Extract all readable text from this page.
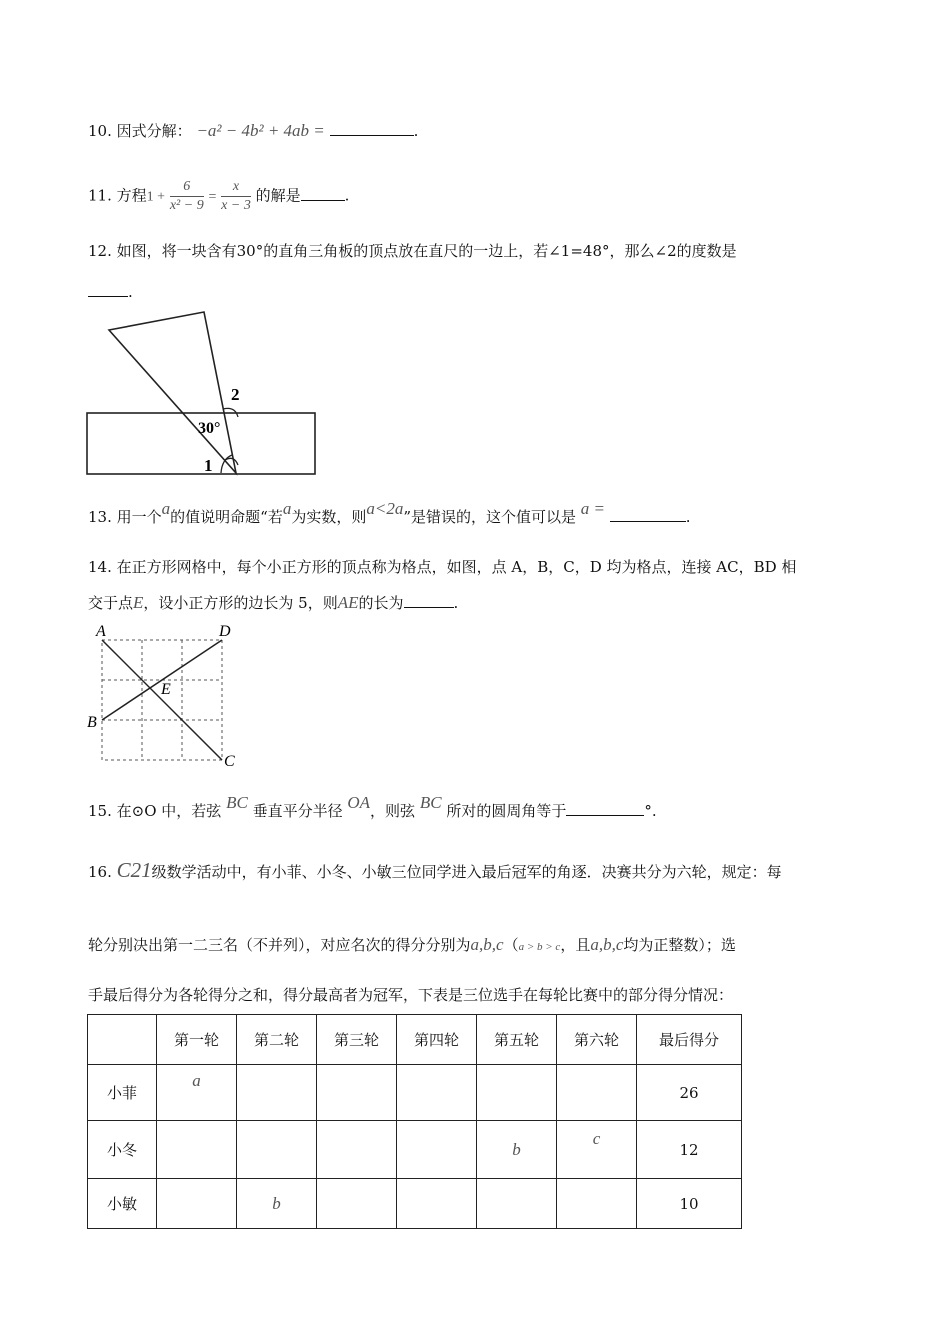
10. 因式分解： −a² − 4b² + 4ab =	.
11. 方程$1 + \frac{6}{\text{x² − 9}} = \frac{x}{x - 3}$ 的解是	.
12. 如图，将一块含有30°的直角三角板的顶点放在直尺的一边上，若∠1=48°，那么∠2的度数是
.
2
30°
1
13. 用一个a的值说明命题“若a为实数，则a<2a”是错误的，这个值可以是 a =	.
14. 在正方形网格中，每个小正方形的顶点称为格点，如图，点 A，B，C，D 均为格点，连接 AC，BD 相
交于点E，设小正方形的边长为 5，则AE的长为	.
A	D
E
B
C
15. 在⊙O 中，若弦 BC 垂直平分半径 OA，则弦 BC 所对的圆周角等于	°.
16. C21级数学活动中，有小菲、小冬、小敏三位同学进入最后冠军的角逐．决赛共分为六轮，规定：每
轮分别决出第一二三名（不并列），对应名次的得分分别为a,b,c（a > b > c，且a,b,c均为正整数）；选
手最后得分为各轮得分之和，得分最高者为冠军，下表是三位选手在每轮比赛中的部分得分情况：
	第一轮	第二轮	第三轮	第四轮	第五轮	第六轮	最后得分
小菲	a						26
小冬					b	c	12
小敏		b					10
